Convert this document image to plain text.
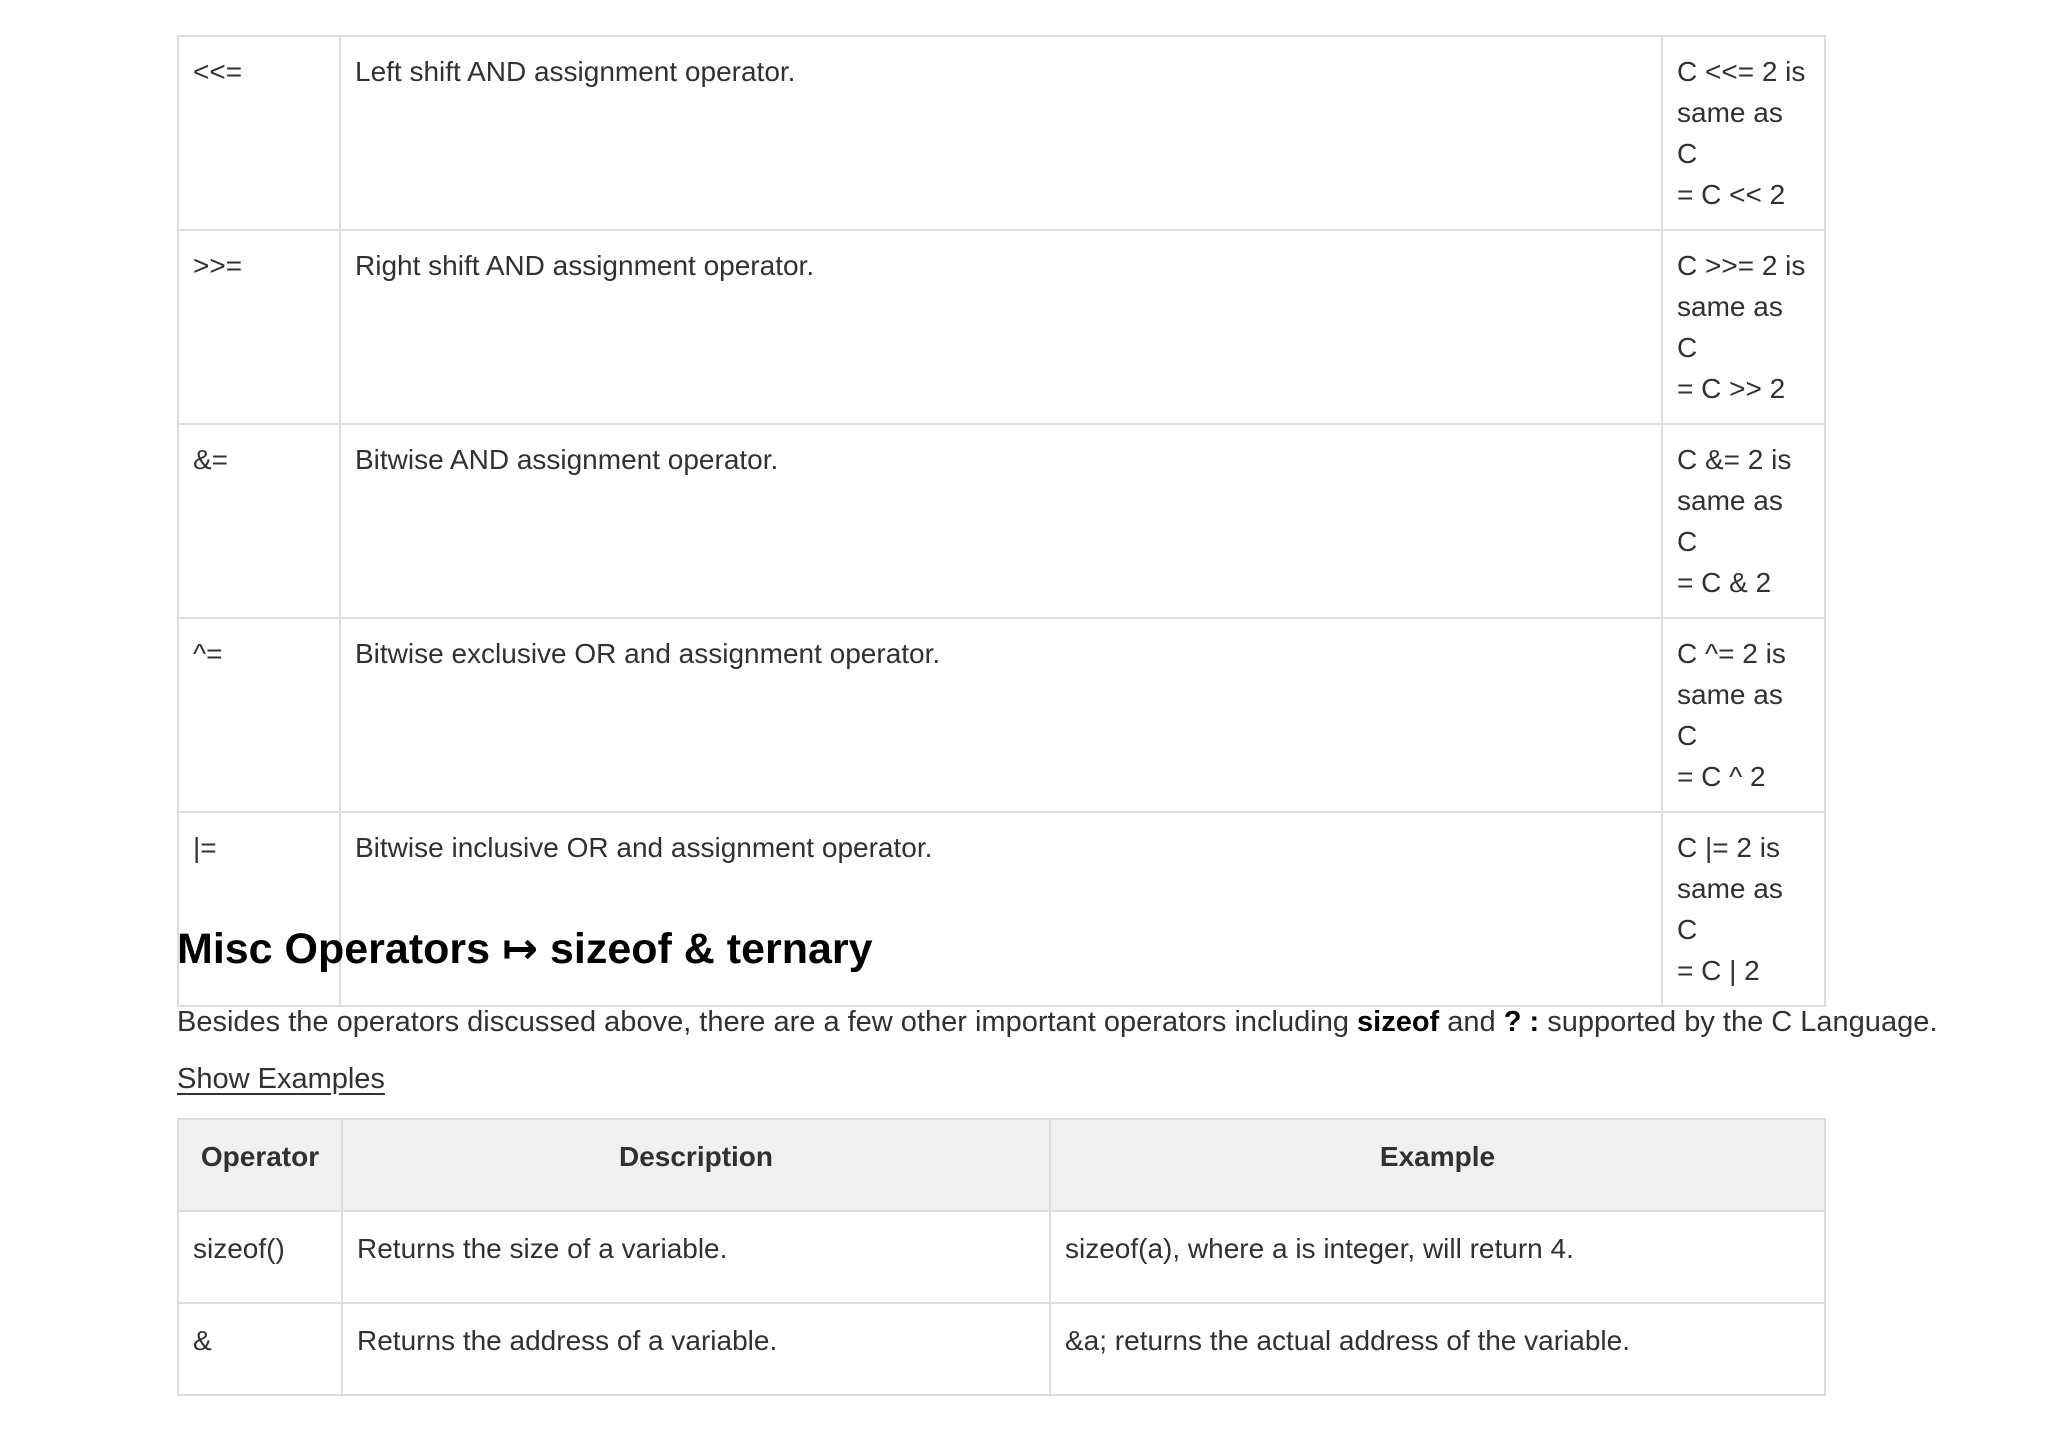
<<=	Left shift AND assignment operator.	C <<= 2 is
same as C
= C << 2
>>=	Right shift AND assignment operator.	C >>= 2 is
same as C
= C >> 2
&=	Bitwise AND assignment operator.	C &= 2 is
same as C
= C & 2
^=	Bitwise exclusive OR and assignment operator.	C ^= 2 is
same as C
= C ^ 2
|=	Bitwise inclusive OR and assignment operator.	C |= 2 is
same as C
= C | 2
Misc Operators ↦ sizeof & ternary

Besides the operators discussed above, there are a few other important operators including sizeof and ? : supported by the C Language.

Show Examples
Operator	Description	Example
sizeof()	Returns the size of a variable.	sizeof(a), where a is integer, will return 4.
&	Returns the address of a variable.	&a; returns the actual address of the variable.
